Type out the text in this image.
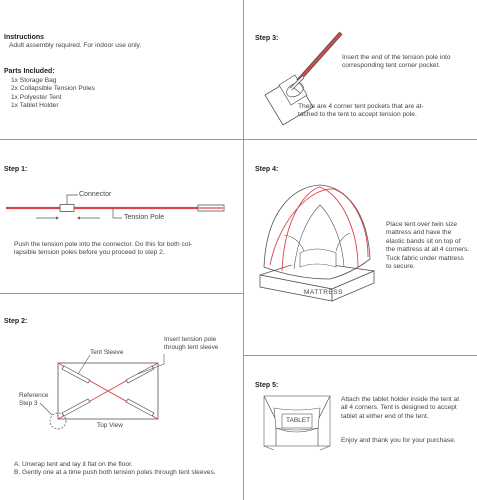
Instructions
Adult assembly required. For indoor use only.
Parts Included:
1x Storage Bag
2x Collapsible Tension Poles
1x Polyester Tent
1x Tablet Holder
Step 1:
Connector
Tension Pole
Push the tension pole into the connector. Do this for both col-
lapsible tension poles before you proceed to step 2.
Step 2:
Tent Sleeve
Insert tension pole
through tent sleeve
Reference
Step 3
Top View
A. Unwrap tent and lay it flat on the floor.
B. Gently one at a time push both tension poles through tent sleeves.
Step 3:
Insert the end of the tension pole into
corresponding tent corner pocket.
There are 4 corner tent pockets that are at-
tached to the tent to accept tension pole.
Step 4:
MATTRESS
Place tent over twin size
mattress and have the
elastic bands sit on top of
the mattress at all 4 corners.
Tuck fabric under mattress
to secure.
Step 5:
TABLET
Attach the tablet holder inside the tent at
all 4 corners. Tent is designed to accept
tablet at either end of the tent.
Enjoy and thank you for your purchase.
